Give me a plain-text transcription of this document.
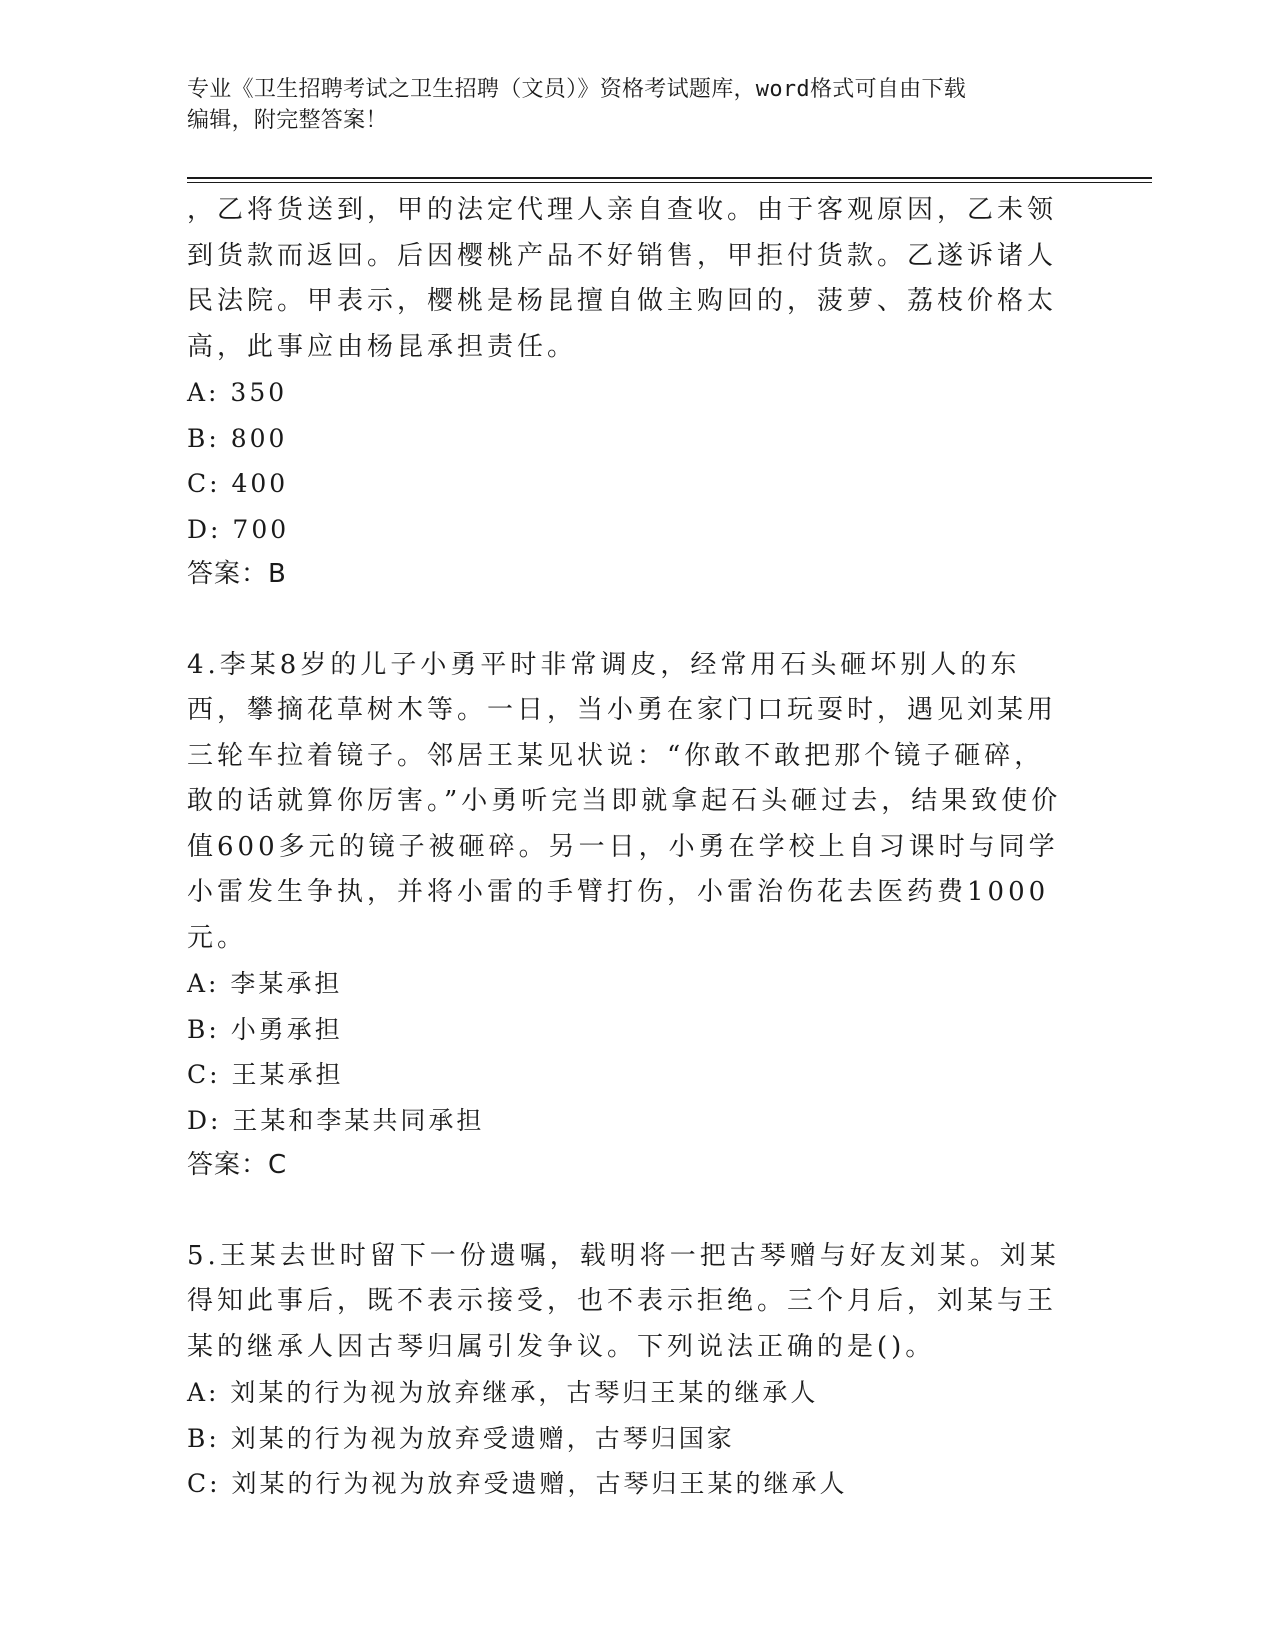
专业《卫生招聘考试之卫生招聘（文员）》资格考试题库，word格式可自由下载
编辑，附完整答案！

，乙将货送到，甲的法定代理人亲自查收。由于客观原因，乙未领到货款而返回。后因樱桃产品不好销售，甲拒付货款。乙遂诉诸人民法院。甲表示，樱桃是杨昆擅自做主购回的，菠萝、荔枝价格太高，此事应由杨昆承担责任。

A: 350

B: 800

C: 400

D: 700

答案：B

4.李某8岁的儿子小勇平时非常调皮，经常用石头砸坏别人的东西，攀摘花草树木等。一日，当小勇在家门口玩耍时，遇见刘某用三轮车拉着镜子。邻居王某见状说：“你敢不敢把那个镜子砸碎，敢的话就算你厉害。”小勇听完当即就拿起石头砸过去，结果致使价值600多元的镜子被砸碎。另一日，小勇在学校上自习课时与同学小雷发生争执，并将小雷的手臂打伤，小雷治伤花去医药费1000元。

A: 李某承担

B: 小勇承担

C: 王某承担

D: 王某和李某共同承担

答案：C

5.王某去世时留下一份遗嘱，载明将一把古琴赠与好友刘某。刘某得知此事后，既不表示接受，也不表示拒绝。三个月后，刘某与王某的继承人因古琴归属引发争议。下列说法正确的是()。

A: 刘某的行为视为放弃继承，古琴归王某的继承人

B: 刘某的行为视为放弃受遗赠，古琴归国家

C: 刘某的行为视为放弃受遗赠，古琴归王某的继承人
